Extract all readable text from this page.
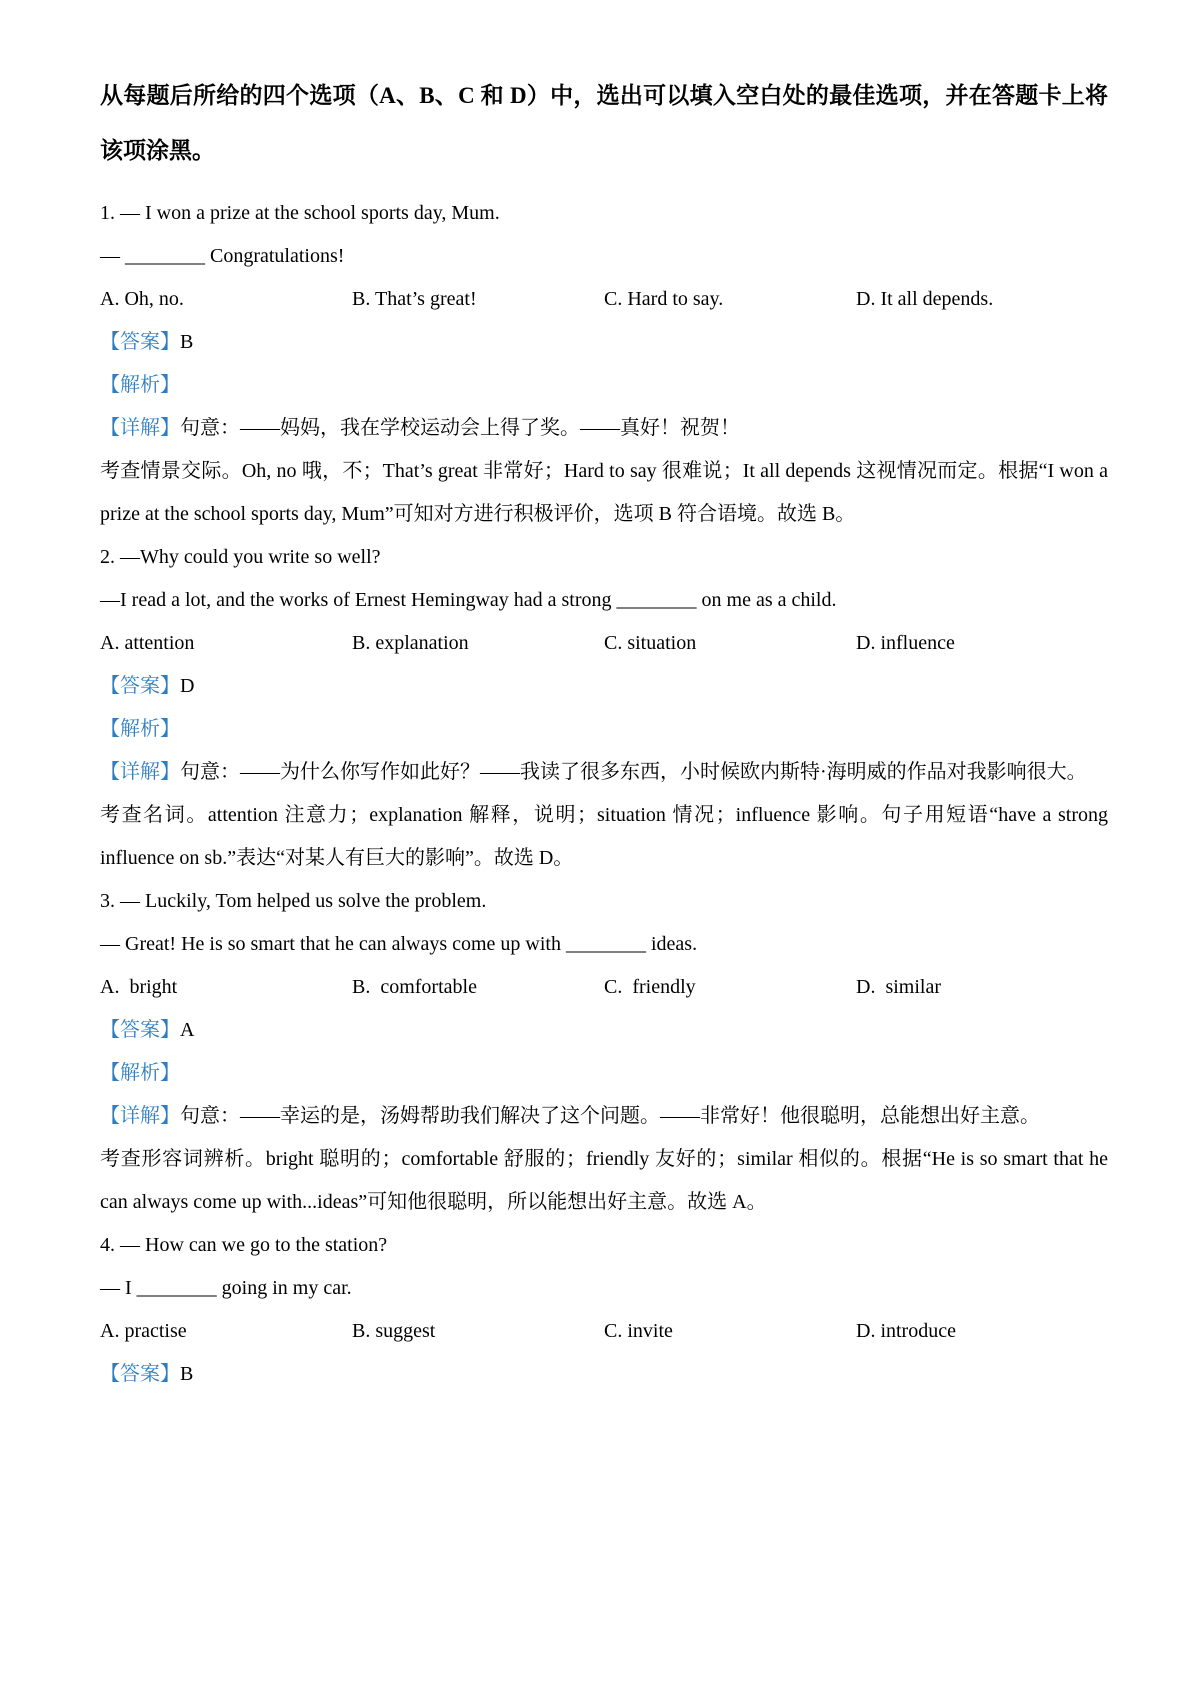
从每题后所给的四个选项（A、B、C 和 D）中，选出可以填入空白处的最佳选项，并在答题卡上将该项涂黑。

1. — I won a prize at the school sports day, Mum.

— ________ Congratulations!

A. Oh, no.	B. That’s great!	C. Hard to say.	D. It all depends.

【答案】B

【解析】

【详解】句意：——妈妈，我在学校运动会上得了奖。——真好！祝贺！

考查情景交际。Oh, no 哦，不；That’s great 非常好；Hard to say 很难说；It all depends 这视情况而定。根据“I won a prize at the school sports day, Mum”可知对方进行积极评价，选项 B 符合语境。故选 B。

2. —Why could you write so well?

—I read a lot, and the works of Ernest Hemingway had a strong ________ on me as a child.

A. attention	B. explanation	C. situation	D. influence

【答案】D

【解析】

【详解】句意：——为什么你写作如此好？——我读了很多东西，小时候欧内斯特·海明威的作品对我影响很大。

考查名词。attention 注意力；explanation 解释，说明；situation 情况；influence 影响。句子用短语“have a strong influence on sb.”表达“对某人有巨大的影响”。故选 D。

3. — Luckily, Tom helped us solve the problem.

— Great! He is so smart that he can always come up with ________ ideas.

A.  bright	B.  comfortable	C.  friendly	D.  similar

【答案】A

【解析】

【详解】句意：——幸运的是，汤姆帮助我们解决了这个问题。——非常好！他很聪明，总能想出好主意。

考查形容词辨析。bright 聪明的；comfortable 舒服的；friendly 友好的；similar 相似的。根据“He is so smart that he can always come up with...ideas”可知他很聪明，所以能想出好主意。故选 A。

4. — How can we go to the station?

— I ________ going in my car.

A. practise	B. suggest	C. invite	D. introduce

【答案】B
